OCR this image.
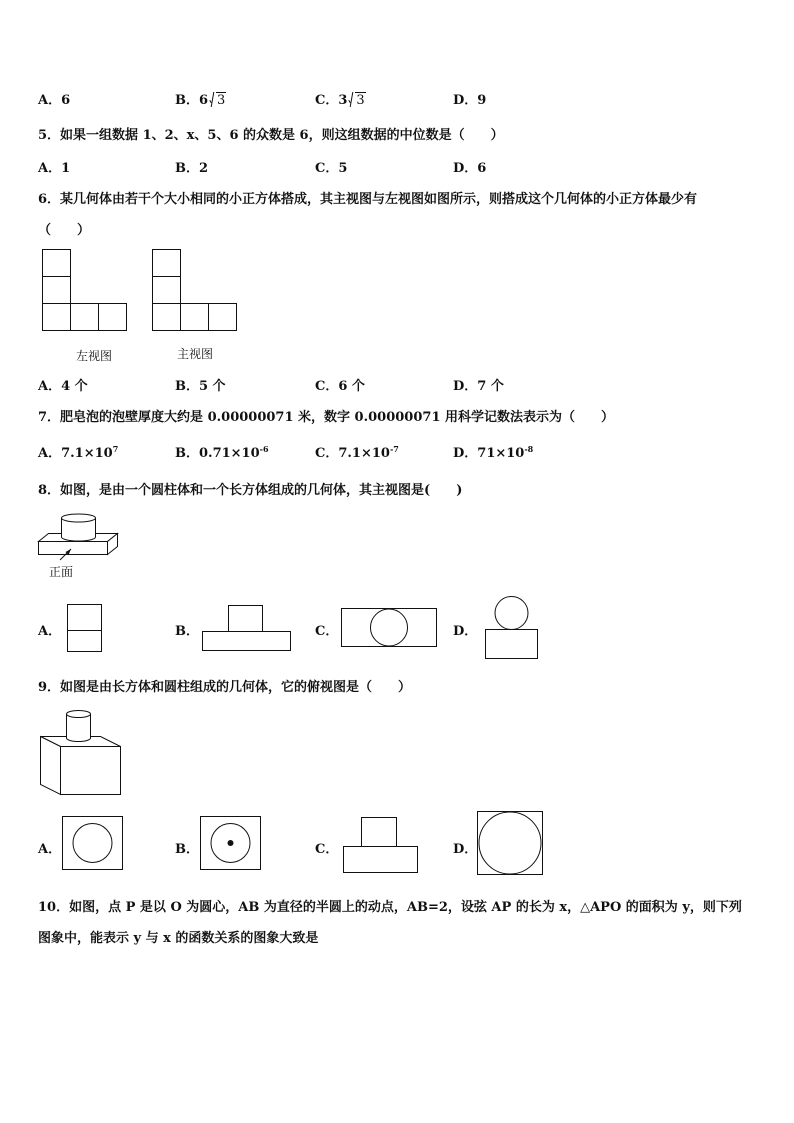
A．6	B．6 3	C．3 3	D．9
5．如果一组数据 1、2、x、5、6 的众数是 6，则这组数据的中位数是（　　）
A．1	B．2	C．5	D．6
6．某几何体由若干个大小相同的小正方体搭成，其主视图与左视图如图所示，则搭成这个几何体的小正方体最少有
（　　）
左视图	主视图
A．4 个	B．5 个	C．6 个	D．7 个
7．肥皂泡的泡壁厚度大约是 0.00000071 米，数字 0.00000071 用科学记数法表示为（　　）
A．$7.1\times 10^7$	B．$0.71\times 10^{-6}$	C．$7.1\times 10^{-7}$	D．$71\times 10^{-8}$
8．如图，是由一个圆柱体和一个长方体组成的几何体，其主视图是(　　)
正面
A．	B．	C．	D．
9．如图是由长方体和圆柱组成的几何体，它的俯视图是（　　）
A．	B．	C．	D．
10．如图，点 P 是以 O 为圆心，AB 为直径的半圆上的动点，AB=2，设弦 AP 的长为 x，△APO 的面积为 y，则下列
图象中，能表示 y 与 x 的函数关系的图象大致是
